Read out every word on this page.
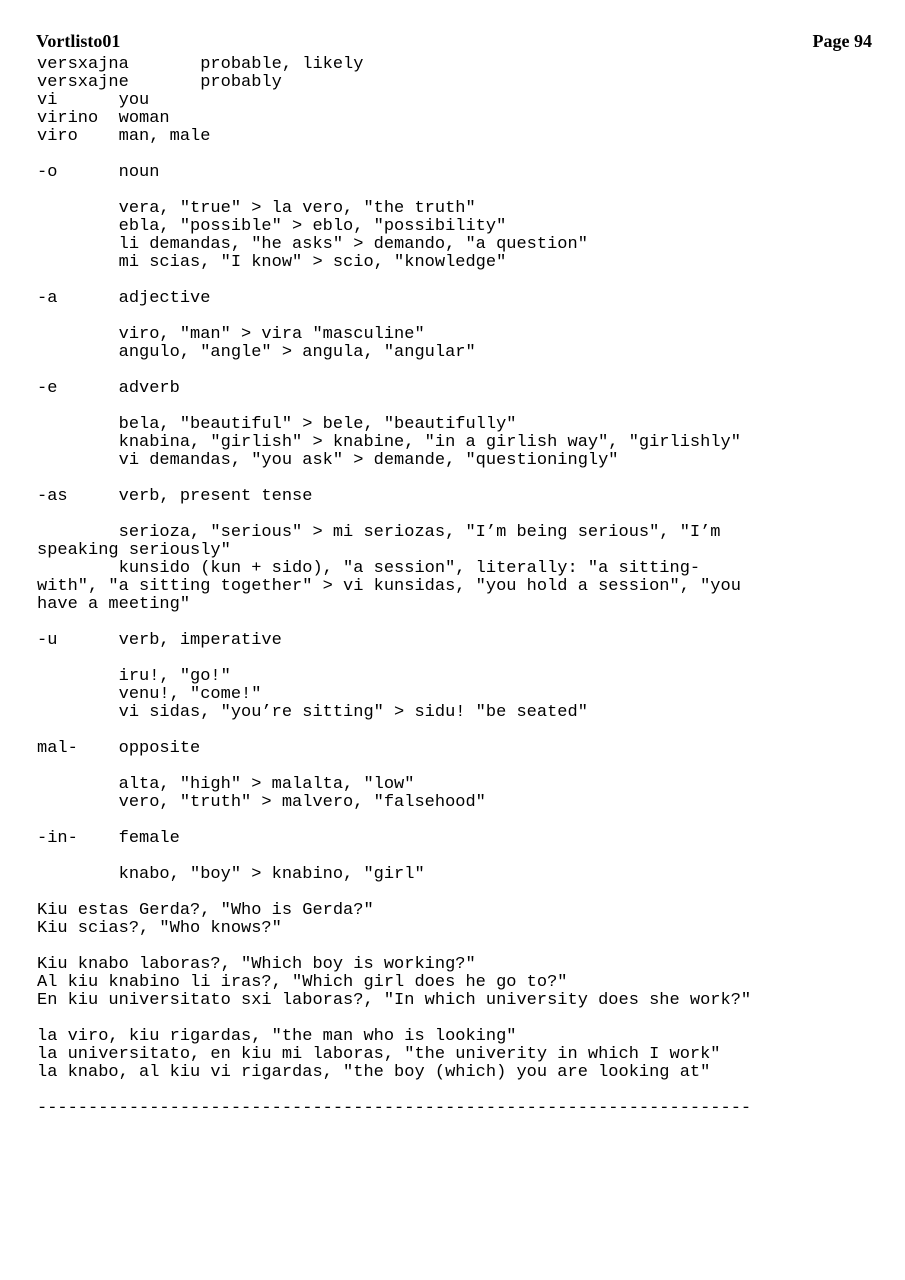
Vortlisto01	Page 94
versxajna       probable, likely
versxajne       probably
vi      you
virino  woman
viro    man, male
-o      noun
vera, "true" > la vero, "the truth"
ebla, "possible" > eblo, "possibility"
li demandas, "he asks" > demando, "a question"
mi scias, "I know" > scio, "knowledge"
-a      adjective
viro, "man" > vira "masculine"
angulo, "angle" > angula, "angular"
-e      adverb
bela, "beautiful" > bele, "beautifully"
knabina, "girlish" > knabine, "in a girlish way", "girlishly"
vi demandas, "you ask" > demande, "questioningly"
-as     verb, present tense
serioza, "serious" > mi seriozas, "I’m being serious", "I’m
speaking seriously"
kunsido (kun + sido), "a session", literally: "a sitting-
with", "a sitting together" > vi kunsidas, "you hold a session", "you
have a meeting"
-u      verb, imperative
iru!, "go!"
venu!, "come!"
vi sidas, "you’re sitting" > sidu! "be seated"
mal-    opposite
alta, "high" > malalta, "low"
vero, "truth" > malvero, "falsehood"
-in-    female
knabo, "boy" > knabino, "girl"
Kiu estas Gerda?, "Who is Gerda?"
Kiu scias?, "Who knows?"
Kiu knabo laboras?, "Which boy is working?"
Al kiu knabino li iras?, "Which girl does he go to?"
En kiu universitato sxi laboras?, "In which university does she work?"
la viro, kiu rigardas, "the man who is looking"
la universitato, en kiu mi laboras, "the univerity in which I work"
la knabo, al kiu vi rigardas, "the boy (which) you are looking at"
----------------------------------------------------------------------
